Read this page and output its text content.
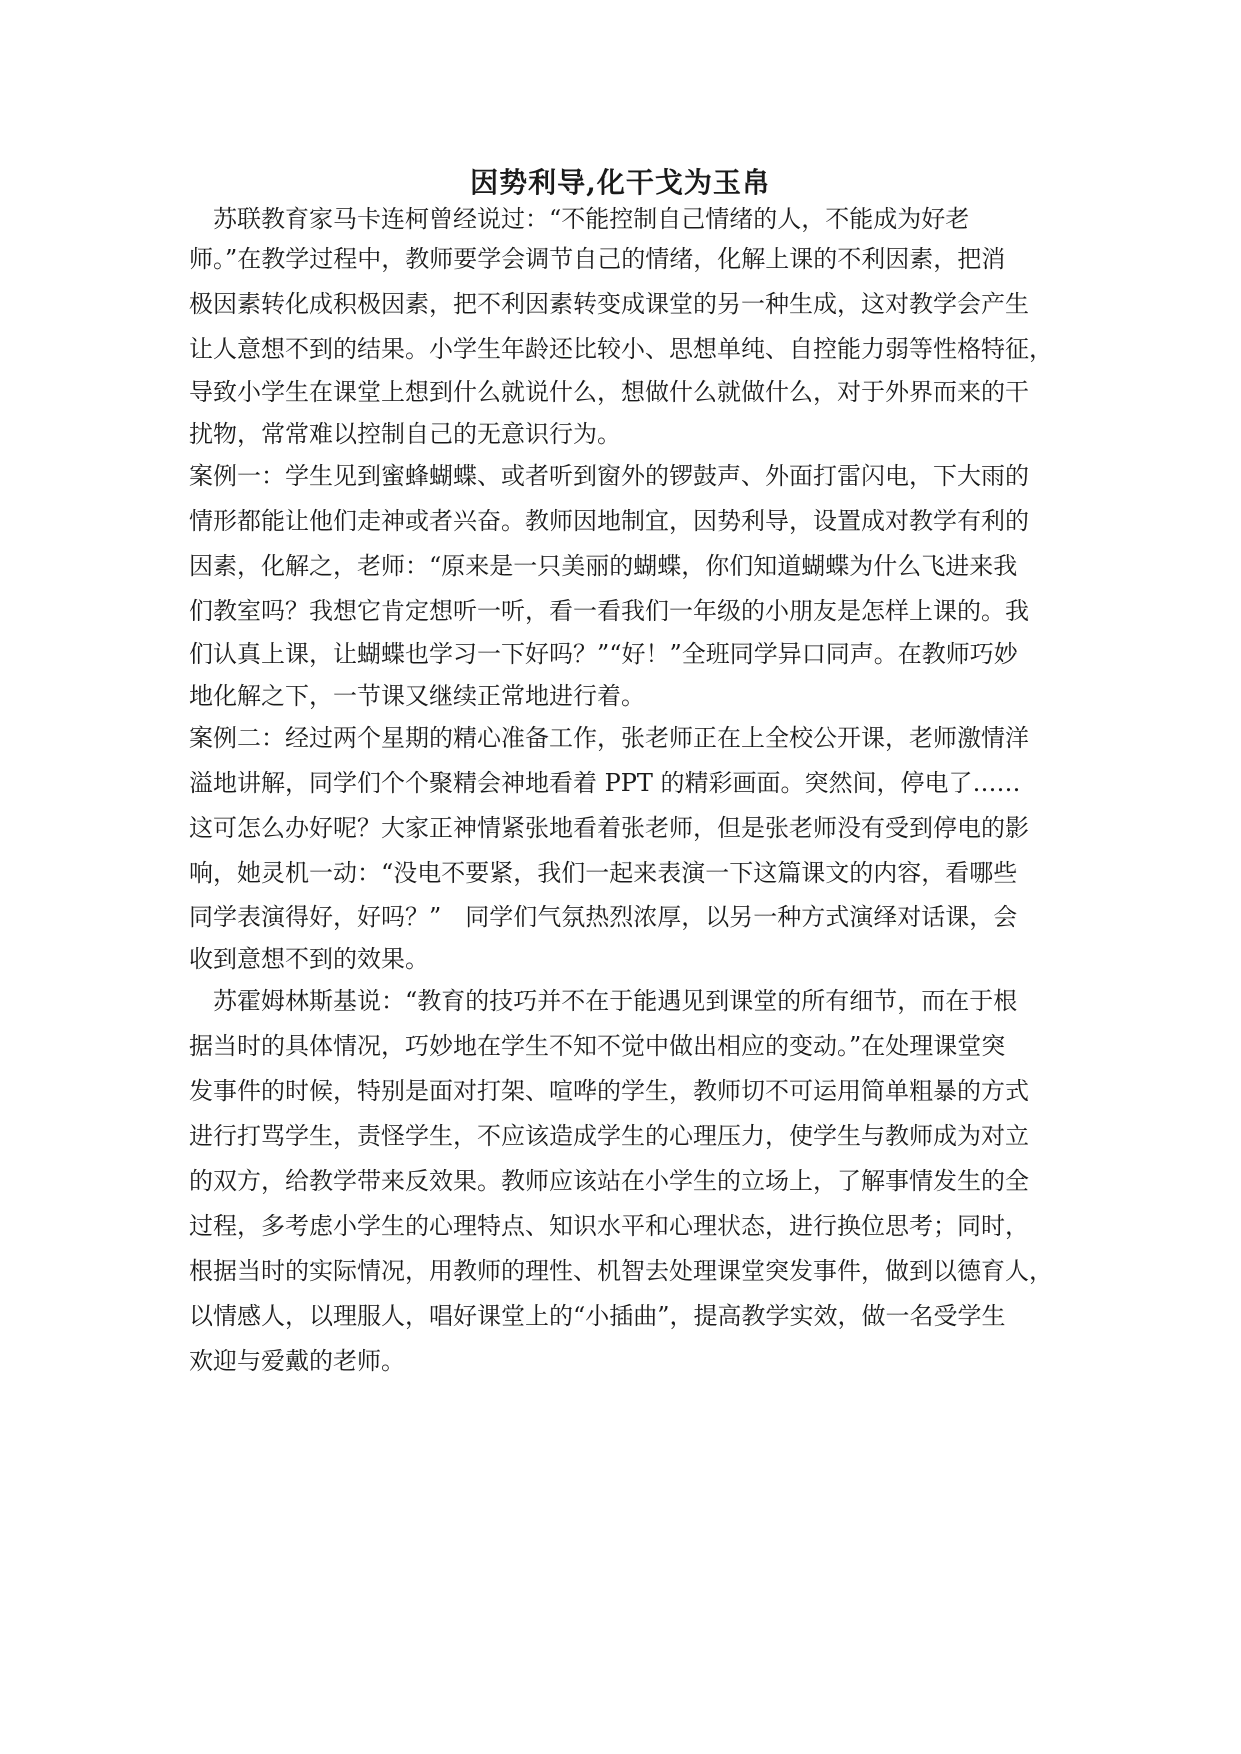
因势利导,化干戈为玉帛
　苏联教育家马卡连柯曾经说过：“不能控制自己情绪的人，不能成为好老
师。”在教学过程中，教师要学会调节自己的情绪，化解上课的不利因素，把消
极因素转化成积极因素，把不利因素转变成课堂的另一种生成，这对教学会产生
让人意想不到的结果。小学生年龄还比较小、思想单纯、自控能力弱等性格特征，
导致小学生在课堂上想到什么就说什么，想做什么就做什么，对于外界而来的干
扰物，常常难以控制自己的无意识行为。
案例一：学生见到蜜蜂蝴蝶、或者听到窗外的锣鼓声、外面打雷闪电，下大雨的
情形都能让他们走神或者兴奋。教师因地制宜，因势利导，设置成对教学有利的
因素，化解之，老师：“原来是一只美丽的蝴蝶，你们知道蝴蝶为什么飞进来我
们教室吗？我想它肯定想听一听，看一看我们一年级的小朋友是怎样上课的。我
们认真上课，让蝴蝶也学习一下好吗？”“好！”全班同学异口同声。在教师巧妙
地化解之下，一节课又继续正常地进行着。
案例二：经过两个星期的精心准备工作，张老师正在上全校公开课，老师激情洋
溢地讲解，同学们个个聚精会神地看着 PPT 的精彩画面。突然间，停电了……
这可怎么办好呢？大家正神情紧张地看着张老师，但是张老师没有受到停电的影
响，她灵机一动：“没电不要紧，我们一起来表演一下这篇课文的内容，看哪些
同学表演得好，好吗？”　同学们气氛热烈浓厚，以另一种方式演绎对话课，会
收到意想不到的效果。
　苏霍姆林斯基说：“教育的技巧并不在于能遇见到课堂的所有细节，而在于根
据当时的具体情况，巧妙地在学生不知不觉中做出相应的变动。”在处理课堂突
发事件的时候，特别是面对打架、喧哗的学生，教师切不可运用简单粗暴的方式
进行打骂学生，责怪学生，不应该造成学生的心理压力，使学生与教师成为对立
的双方，给教学带来反效果。教师应该站在小学生的立场上，了解事情发生的全
过程，多考虑小学生的心理特点、知识水平和心理状态，进行换位思考；同时，
根据当时的实际情况，用教师的理性、机智去处理课堂突发事件，做到以德育人，
以情感人，以理服人，唱好课堂上的“小插曲”，提高教学实效，做一名受学生
欢迎与爱戴的老师。
